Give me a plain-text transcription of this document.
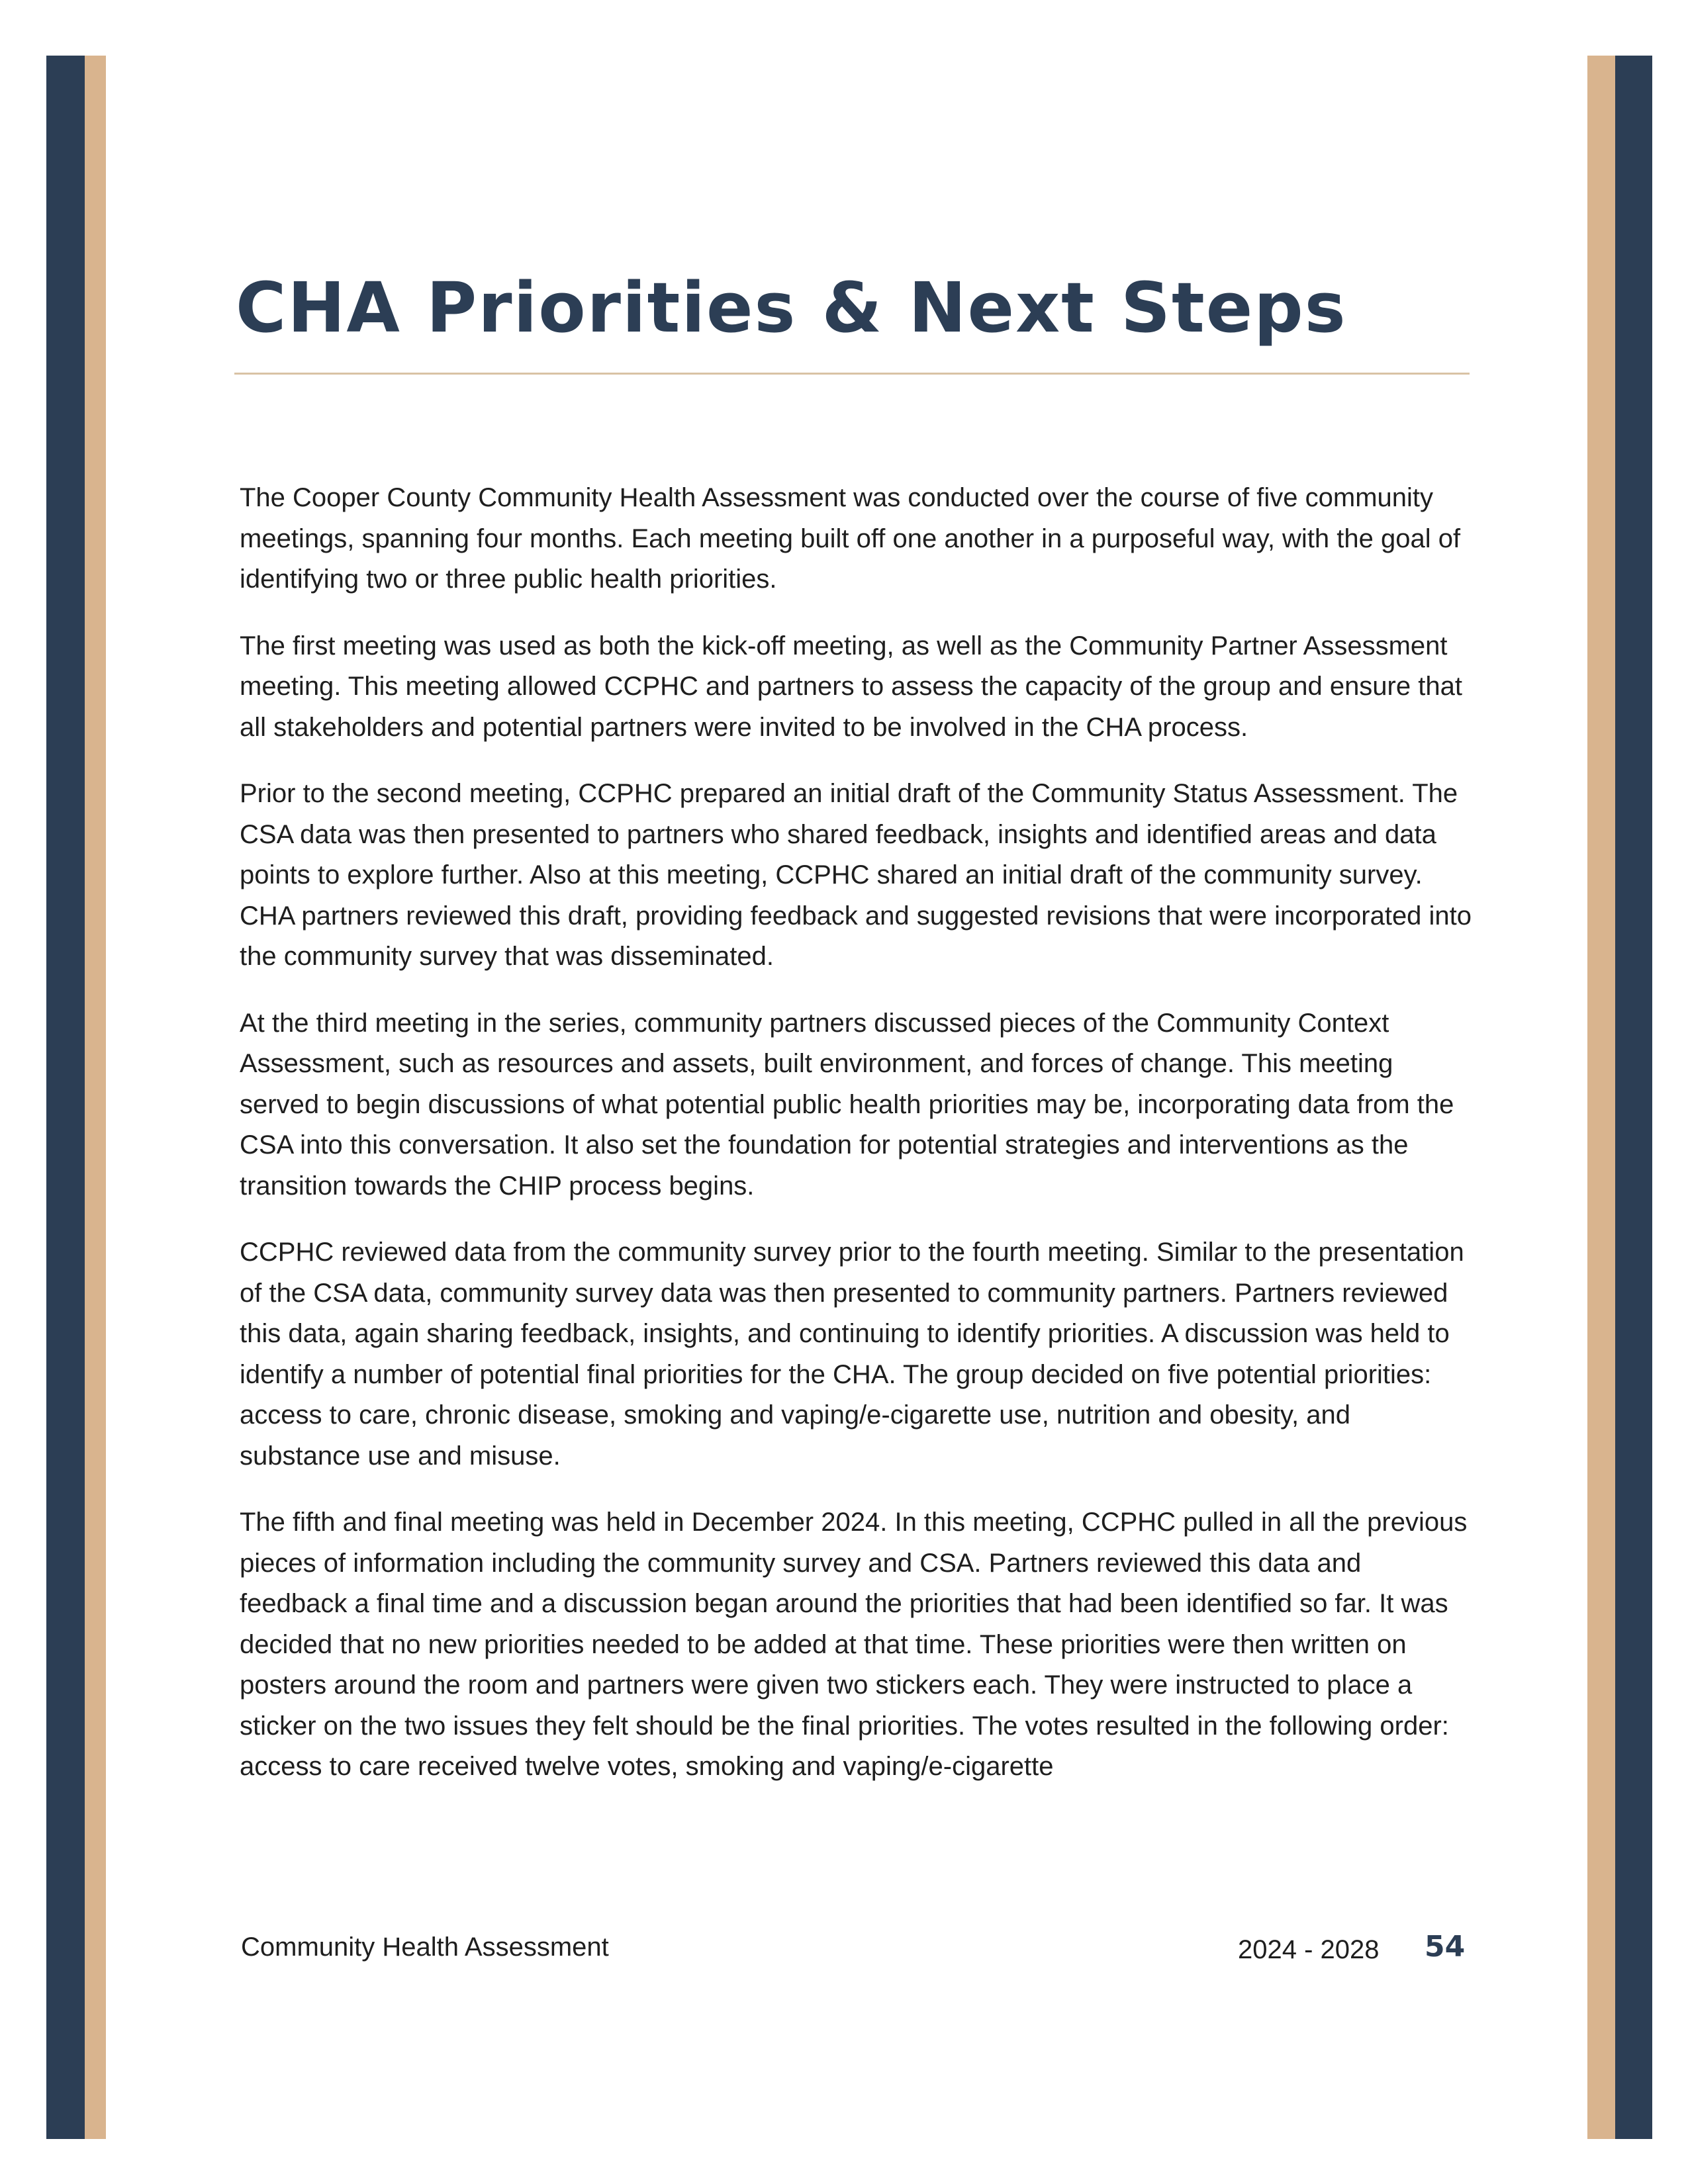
CHA Priorities & Next Steps

The Cooper County Community Health Assessment was conducted over the course of five community meetings, spanning four months. Each meeting built off one another in a purposeful way, with the goal of identifying two or three public health priorities.

The first meeting was used as both the kick-off meeting, as well as the Community Partner Assessment meeting. This meeting allowed CCPHC and partners to assess the capacity of the group and ensure that all stakeholders and potential partners were invited to be involved in the CHA process.

Prior to the second meeting, CCPHC prepared an initial draft of the Community Status Assessment. The CSA data was then presented to partners who shared feedback, insights and identified areas and data points to explore further. Also at this meeting, CCPHC shared an initial draft of the community survey. CHA partners reviewed this draft, providing feedback and suggested revisions that were incorporated into the community survey that was disseminated.

At the third meeting in the series, community partners discussed pieces of the Community Context Assessment, such as resources and assets, built environment, and forces of change. This meeting served to begin discussions of what potential public health priorities may be, incorporating data from the CSA into this conversation. It also set the foundation for potential strategies and interventions as the transition towards the CHIP process begins.

CCPHC reviewed data from the community survey prior to the fourth meeting. Similar to the presentation of the CSA data, community survey data was then presented to community partners. Partners reviewed this data, again sharing feedback, insights, and continuing to identify priorities. A discussion was held to identify a number of potential final priorities for the CHA. The group decided on five potential priorities: access to care, chronic disease, smoking and vaping/e-cigarette use, nutrition and obesity, and substance use and misuse.

The fifth and final meeting was held in December 2024. In this meeting, CCPHC pulled in all the previous pieces of information including the community survey and CSA. Partners reviewed this data and feedback a final time and a discussion began around the priorities that had been identified so far. It was decided that no new priorities needed to be added at that time. These priorities were then written on posters around the room and partners were given two stickers each. They were instructed to place a sticker on the two issues they felt should be the final priorities. The votes resulted in the following order: access to care received twelve votes, smoking and vaping/e-cigarette

Community Health Assessment	2024 - 2028 54
